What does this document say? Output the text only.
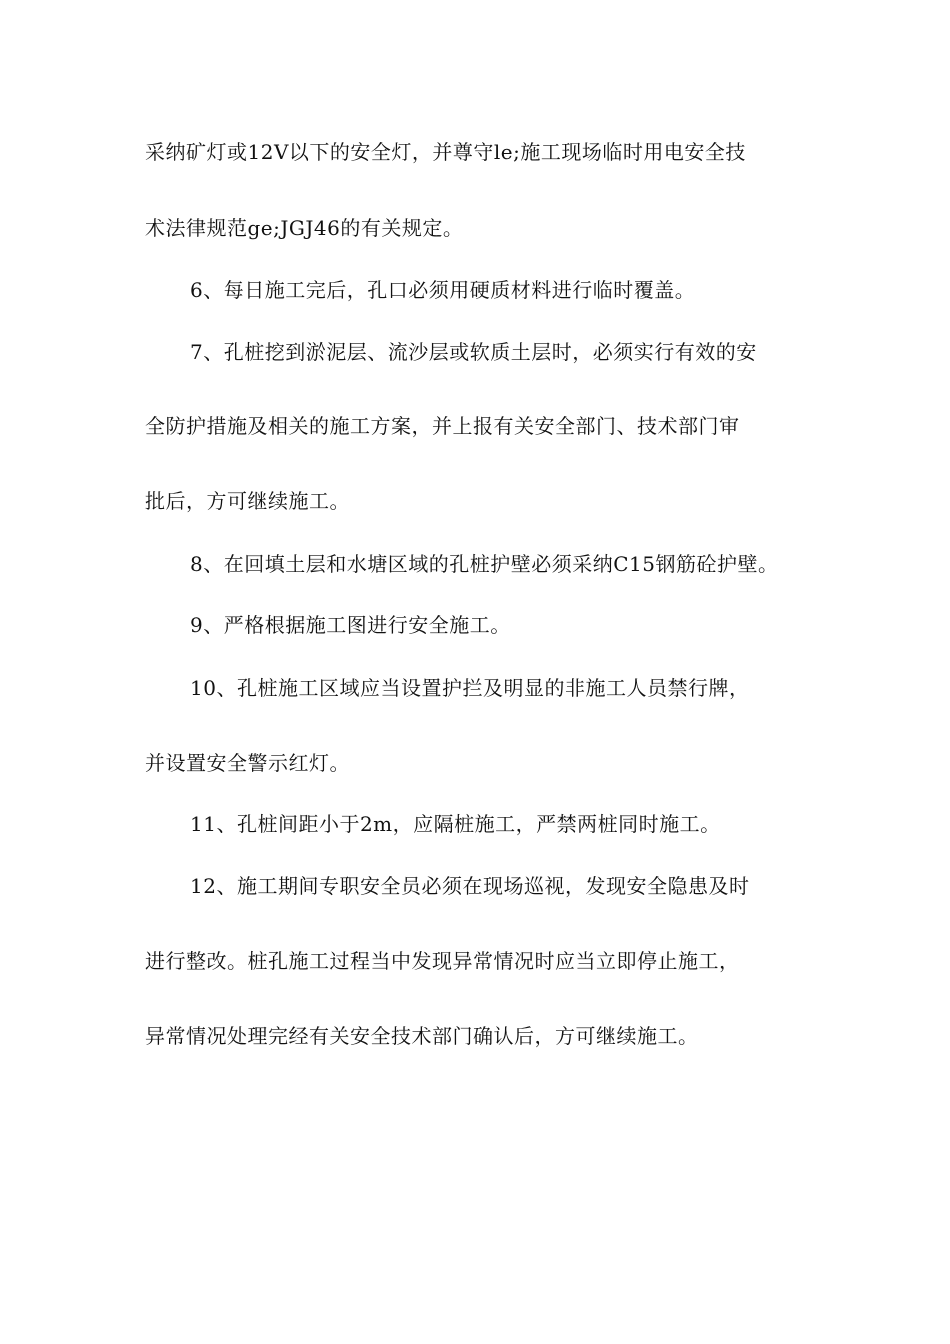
采纳矿灯或12V以下的安全灯，并尊守le;施工现场临时用电安全技
术法律规范ge;JGJ46的有关规定。
6、每日施工完后，孔口必须用硬质材料进行临时覆盖。
7、孔桩挖到淤泥层、流沙层或软质土层时，必须实行有效的安
全防护措施及相关的施工方案，并上报有关安全部门、技术部门审
批后，方可继续施工。
8、在回填土层和水塘区域的孔桩护壁必须采纳C15钢筋砼护壁。
9、严格根据施工图进行安全施工。
10、孔桩施工区域应当设置护拦及明显的非施工人员禁行牌，
并设置安全警示红灯。
11、孔桩间距小于2m，应隔桩施工，严禁两桩同时施工。
12、施工期间专职安全员必须在现场巡视，发现安全隐患及时
进行整改。桩孔施工过程当中发现异常情况时应当立即停止施工，
异常情况处理完经有关安全技术部门确认后，方可继续施工。
